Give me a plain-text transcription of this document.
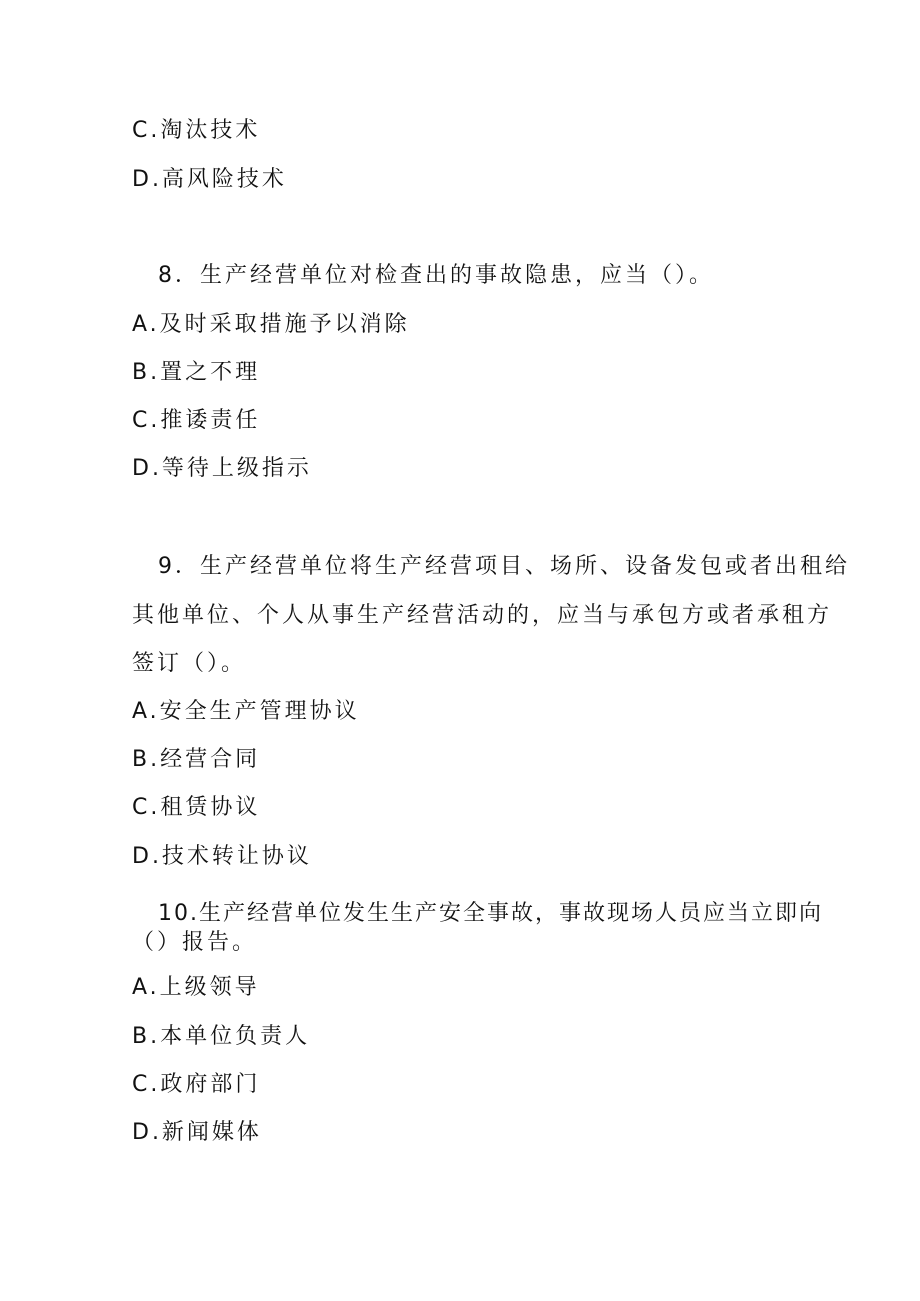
C.淘汰技术
D.高风险技术
8．生产经营单位对检查出的事故隐患，应当（）。
A.及时采取措施予以消除
B.置之不理
C.推诿责任
D.等待上级指示
9．生产经营单位将生产经营项目、场所、设备发包或者出租给
其他单位、个人从事生产经营活动的，应当与承包方或者承租方
签订（）。
A.安全生产管理协议
B.经营合同
C.租赁协议
D.技术转让协议
10.生产经营单位发生生产安全事故，事故现场人员应当立即向
（）报告。
A.上级领导
B.本单位负责人
C.政府部门
D.新闻媒体
